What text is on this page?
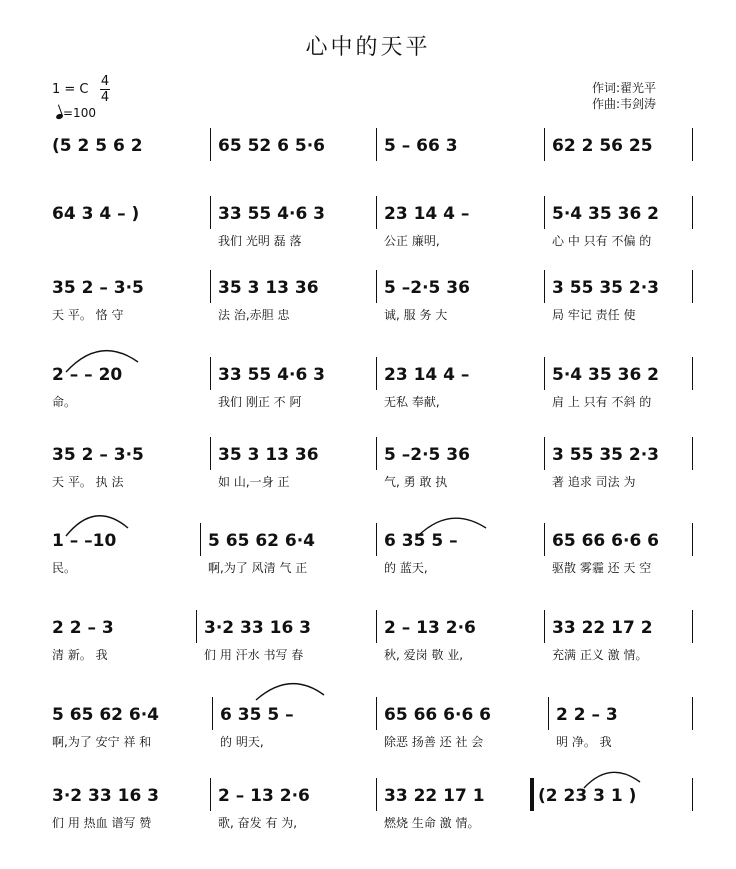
心中的天平
1 = C
4
4
=100
作词:翟光平
作曲:韦剑涛
(5 2 5 6 2	65 52 6 5·6	5 – 66 3	62 2 56 25
64 3 4 – )	33 55 4·6 3	23 14 4 –	5·4 35 36 2
我们 光明 磊 落	公正 廉明,	心 中 只有 不偏 的
35 2 – 3·5	35 3 13 36	5 –2·5 36	3 55 35 2·3
天 平。 恪 守	法 治,赤胆 忠	诚, 服 务 大	局 牢记 责任 使
2 – – 20	33 55 4·6 3	23 14 4 –	5·4 35 36 2
命。	我们 刚正 不 阿	无私 奉献,	肩 上 只有 不斜 的
35 2 – 3·5	35 3 13 36	5 –2·5 36	3 55 35 2·3
天 平。 执 法	如 山,一身 正	气, 勇 敢 执	著 追求 司法 为
1 – –10	5 65 62 6·4	6 35 5 –	65 66 6·6 6
民。	啊,为了 风清 气 正	的 蓝天,	驱散 雾霾 还 天 空
2 2 – 3	3·2 33 16 3	2 – 13 2·6	33 22 17 2
清 新。 我	们 用 汗水 书写 春	秋, 爱岗 敬 业,	充满 正义 激 情。
5 65 62 6·4	6 35 5 –	65 66 6·6 6	2 2 – 3
啊,为了 安宁 祥 和	的 明天,	除恶 扬善 还 社 会	明 净。 我
3·2 33 16 3	2 – 13 2·6	33 22 17 1	(2 23 3 1 )
们 用 热血 谱写 赞	歌, 奋发 有 为,	燃烧 生命 激 情。
